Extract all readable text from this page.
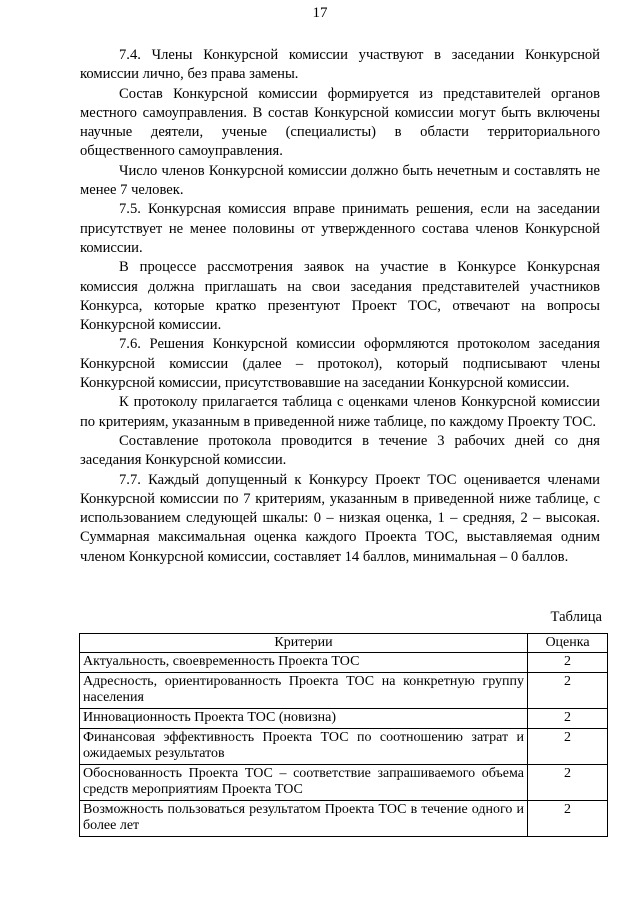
17

7.4. Члены Конкурсной комиссии участвуют в заседании Конкурсной комиссии лично, без права замены.

Состав Конкурсной комиссии формируется из представителей органов местного самоуправления. В состав Конкурсной комиссии могут быть включены научные деятели, ученые (специалисты) в области территориального общественного самоуправления.

Число членов Конкурсной комиссии должно быть нечетным и составлять не менее 7 человек.

7.5. Конкурсная комиссия вправе принимать решения, если на заседании присутствует не менее половины от утвержденного состава членов Конкурсной комиссии.

В процессе рассмотрения заявок на участие в Конкурсе Конкурсная комиссия должна приглашать на свои заседания представителей участников Конкурса, которые кратко презентуют Проект ТОС, отвечают на вопросы Конкурсной комиссии.

7.6. Решения Конкурсной комиссии оформляются протоколом заседания Конкурсной комиссии (далее – протокол), который подписывают члены Конкурсной комиссии, присутствовавшие на заседании Конкурсной комиссии.

К протоколу прилагается таблица с оценками членов Конкурсной комиссии по критериям, указанным в приведенной ниже таблице, по каждому Проекту ТОС.

Составление протокола проводится в течение 3 рабочих дней со дня заседания Конкурсной комиссии.

7.7. Каждый допущенный к Конкурсу Проект ТОС оценивается членами Конкурсной комиссии по 7 критериям, указанным в приведенной ниже таблице, с использованием следующей шкалы: 0 – низкая оценка, 1 – средняя, 2 – высокая. Суммарная максимальная оценка каждого Проекта ТОС, выставляемая одним членом Конкурсной комиссии, составляет 14 баллов, минимальная – 0 баллов.

Таблица
Критерии	Оценка
Актуальность, своевременность Проекта ТОС	2
Адресность, ориентированность Проекта ТОС на конкретную группу населения	2
Инновационность Проекта ТОС (новизна)	2
Финансовая эффективность Проекта ТОС по соотношению затрат и ожидаемых результатов	2
Обоснованность Проекта ТОС – соответствие запрашиваемого объема средств мероприятиям Проекта ТОС	2
Возможность пользоваться результатом Проекта ТОС в течение одного и более лет	2
